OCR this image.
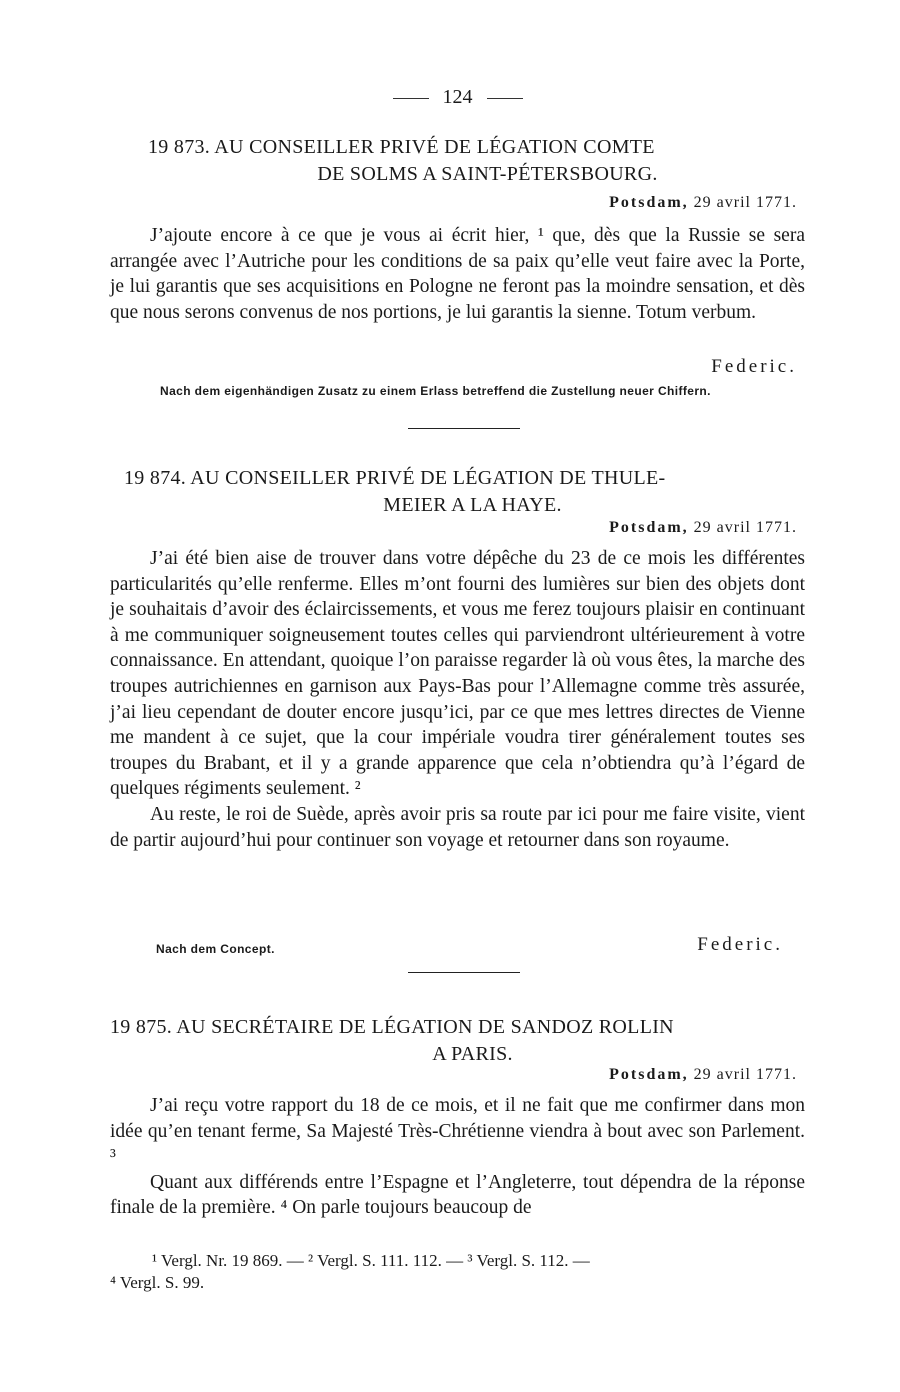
124
19 873. AU CONSEILLER PRIVÉ DE LÉGATION COMTE
DE SOLMS A SAINT-PÉTERSBOURG.
Potsdam, 29 avril 1771.

J’ajoute encore à ce que je vous ai écrit hier, ¹ que, dès que la Russie se sera arrangée avec l’Autriche pour les conditions de sa paix qu’elle veut faire avec la Porte, je lui garantis que ses acquisitions en Pologne ne feront pas la moindre sensation, et dès que nous serons convenus de nos portions, je lui garantis la sienne. Totum verbum.

Federic.
Nach dem eigenhändigen Zusatz zu einem Erlass betreffend die Zustellung neuer Chiffern.
19 874. AU CONSEILLER PRIVÉ DE LÉGATION DE THULE-
MEIER A LA HAYE.
Potsdam, 29 avril 1771.

J’ai été bien aise de trouver dans votre dépêche du 23 de ce mois les différentes particularités qu’elle renferme. Elles m’ont fourni des lumières sur bien des objets dont je souhaitais d’avoir des éclaircissements, et vous me ferez toujours plaisir en continuant à me communiquer soigneusement toutes celles qui parviendront ultérieurement à votre connaissance. En attendant, quoique l’on paraisse regarder là où vous êtes, la marche des troupes autrichiennes en garnison aux Pays-Bas pour l’Allemagne comme très assurée, j’ai lieu cependant de douter encore jusqu’ici, par ce que mes lettres directes de Vienne me mandent à ce sujet, que la cour impériale voudra tirer généralement toutes ses troupes du Brabant, et il y a grande apparence que cela n’obtiendra qu’à l’égard de quelques régiments seulement. ²

Au reste, le roi de Suède, après avoir pris sa route par ici pour me faire visite, vient de partir aujourd’hui pour continuer son voyage et retourner dans son royaume.

Nach dem Concept.	Federic.
19 875. AU SECRÉTAIRE DE LÉGATION DE SANDOZ ROLLIN
A PARIS.
Potsdam, 29 avril 1771.

J’ai reçu votre rapport du 18 de ce mois, et il ne fait que me confirmer dans mon idée qu’en tenant ferme, Sa Majesté Très-Chrétienne viendra à bout avec son Parlement. ³

Quant aux différends entre l’Espagne et l’Angleterre, tout dépendra de la réponse finale de la première. ⁴ On parle toujours beaucoup de

¹ Vergl. Nr. 19 869. — ² Vergl. S. 111. 112. — ³ Vergl. S. 112. —
⁴ Vergl. S. 99.
